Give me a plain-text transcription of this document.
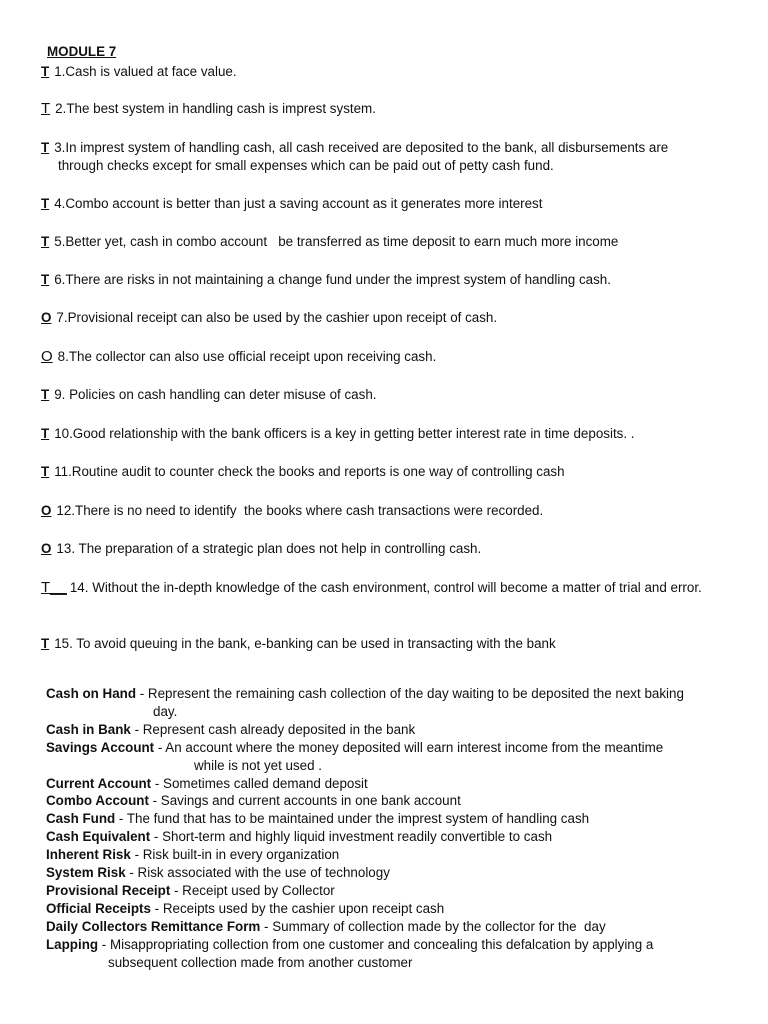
MODULE 7
T 1.Cash is valued at face value.
T 2.The best system in handling cash is imprest system.
T 3.In imprest system of handling cash, all cash received are deposited to the bank, all disbursements are
through checks except for small expenses which can be paid out of petty cash fund.
T 4.Combo account is better than just a saving account as it generates more interest
T 5.Better yet, cash in combo account   be transferred as time deposit to earn much more income
T 6.There are risks in not maintaining a change fund under the imprest system of handling cash.
O 7.Provisional receipt can also be used by the cashier upon receipt of cash.
O 8.The collector can also use official receipt upon receiving cash.
T 9. Policies on cash handling can deter misuse of cash.
T 10.Good relationship with the bank officers is a key in getting better interest rate in time deposits. .
T 11.Routine audit to counter check the books and reports is one way of controlling cash
O 12.There is no need to identify  the books where cash transactions were recorded.
O 13. The preparation of a strategic plan does not help in controlling cash.
T__ 14. Without the in-depth knowledge of the cash environment, control will become a matter of trial and error.
T 15. To avoid queuing in the bank, e-banking can be used in transacting with the bank

Cash on Hand - Represent the remaining cash collection of the day waiting to be deposited the next baking
day.

Cash in Bank - Represent cash already deposited in the bank

Savings Account - An account where the money deposited will earn interest income from the meantime
while is not yet used .

Current Account - Sometimes called demand deposit

Combo Account - Savings and current accounts in one bank account

Cash Fund - The fund that has to be maintained under the imprest system of handling cash

Cash Equivalent - Short-term and highly liquid investment readily convertible to cash

Inherent Risk - Risk built-in in every organization

System Risk - Risk associated with the use of technology

Provisional Receipt - Receipt used by Collector

Official Receipts - Receipts used by the cashier upon receipt cash

Daily Collectors Remittance Form - Summary of collection made by the collector for the  day

Lapping - Misappropriating collection from one customer and concealing this defalcation by applying a
subsequent collection made from another customer
